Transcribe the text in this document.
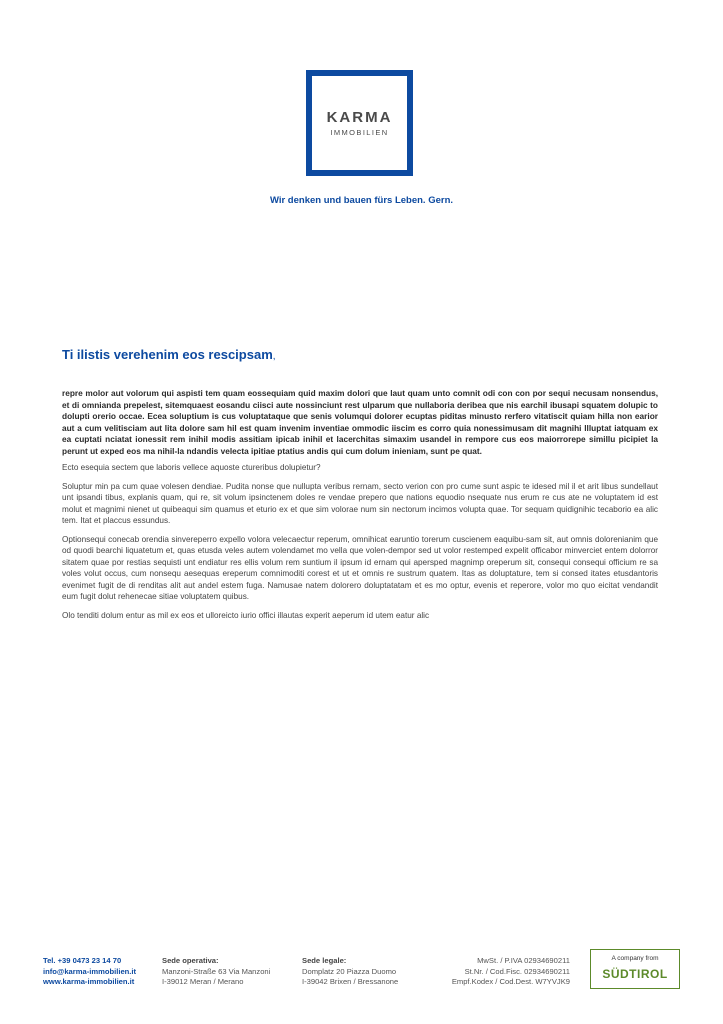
KARMA
IMMOBILIEN
Wir denken und bauen fürs Leben. Gern.
Ti ilistis verehenim eos rescipsam,

repre molor aut volorum qui aspisti tem quam eossequiam quid maxim dolori que laut quam unto comnit odi con con por sequi necusam nonsendus, et di omnianda prepelest, sitemquaest eosandu ciisci aute nossinciunt rest ulparum que nullaboria deribea que nis earchil ibusapi squatem dolupic to dolupti orerio occae. Ecea soluptium is cus voluptataque que senis volumqui dolorer ecuptas piditas minusto rerfero vitatiscit quiam hilla non earior aut a cum velitisciam aut lita dolore sam hil est quam invenim inventiae ommodic iiscim es corro quia nonessimusam dit magnihi llluptat iatquam ex ea cuptati nciatat ionessit rem inihil modis assitiam ipicab inihil et lacerchitas simaxim usandel in rempore cus eos maiorrorepe simillu picipiet la perunt ut exped eos ma nihil-la ndandis velecta ipitiae ptatius andis qui cum dolum inieniam, sunt pe quat.

Ecto esequia sectem que laboris vellece aquoste ctureribus dolupietur?

Soluptur min pa cum quae volesen dendiae. Pudita nonse que nullupta veribus rernam, secto verion con pro cume sunt aspic te idesed mil il et arit libus sundellaut unt ipsandi tibus, explanis quam, qui re, sit volum ipsinctenem doles re vendae prepero que nations equodio nsequate nus erum re cus ate ne voluptatem id est molut et magnimi nienet ut quibeaqui sim quamus et eturio ex et que sim volorae num sin nectorum incimos volupta quae. Tor sequam quidignihic tecaborio ea alic tem. Itat et placcus essundus.

Optionsequi conecab orendia sinvereperro expello volora velecaectur reperum, omnihicat earuntio torerum cuscienem eaquibu-sam sit, aut omnis dolorenianim que od quodi bearchi liquatetum et, quas etusda veles autem volendamet mo vella que volen-dempor sed ut volor restemped expelit officabor minverciet entem dolorror sitatem quae por restias sequisti unt endiatur res ellis volum rem suntium il ipsum id ernam qui apersped magnimp oreperum sit, consequi consequi officium re sa voles volut occus, cum nonsequ aesequas ereperum comnimoditi corest et ut et omnis re sustrum quatem. Itas as doluptature, tem si consed itates etusdantoris evenimet fugit de di renditas alit aut andel estem fuga. Namusae natem dolorero doluptatatam et es mo optur, evenis et reperore, volor mo quo eicitat vendandit eum fugit dolut rehenecae sitiae voluptatem quibus.

Olo tenditi dolum entur as mil ex eos et ulloreicto iurio offici illautas experit aeperum id utem eatur alic

Tel. +39 0473 23 14 70
info@karma-immobilien.it
www.karma-immobilien.it
Sede operativa:
Manzoni-Straße 63 Via Manzoni
I-39012 Meran / Merano
Sede legale:
Domplatz 20 Piazza Duomo
I-39042 Brixen / Bressanone
MwSt. / P.IVA 02934690211
St.Nr. / Cod.Fisc. 02934690211
Empf.Kodex / Cod.Dest. W7YVJK9
A company from
SÜDTIROL
